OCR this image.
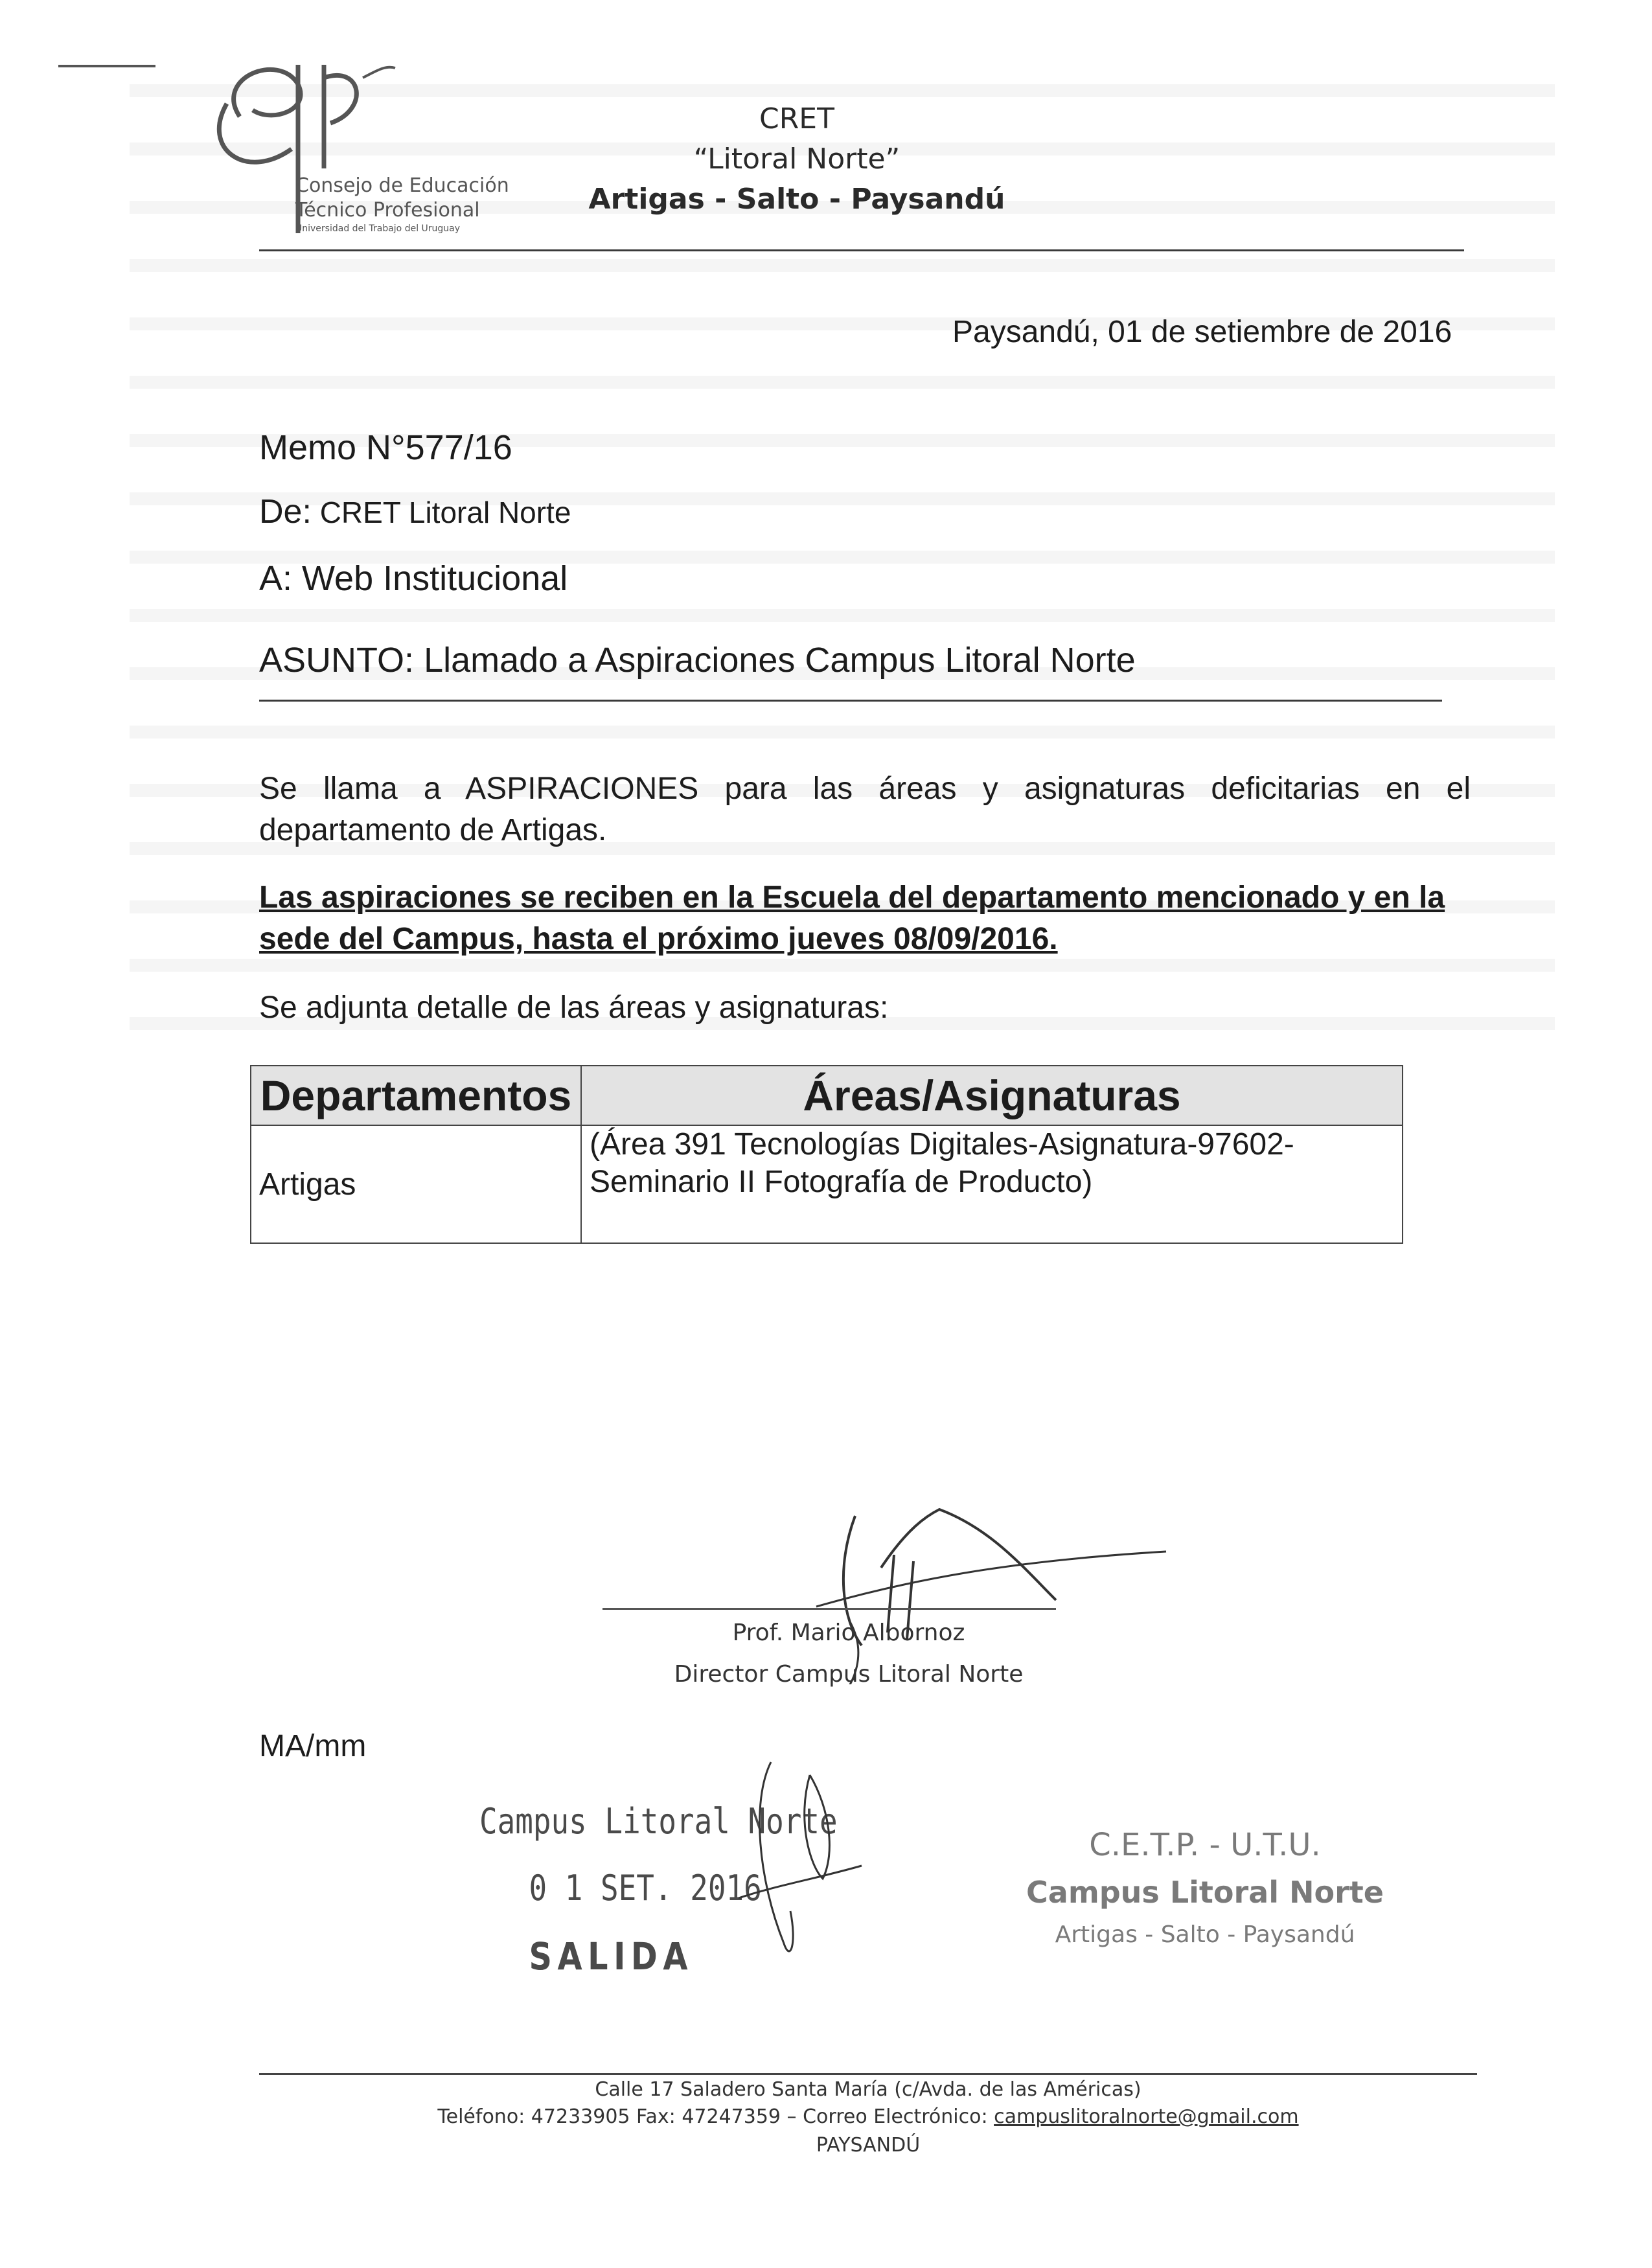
Consejo de Educación
Técnico Profesional
Universidad del Trabajo del Uruguay
CRET
“Litoral Norte”
Artigas - Salto - Paysandú
Paysandú, 01 de setiembre de 2016
Memo N°577/16
De: CRET Litoral Norte
A: Web Institucional
ASUNTO: Llamado a Aspiraciones Campus Litoral Norte
Se llama a ASPIRACIONES para las áreas y asignaturas deficitarias en el departamento de Artigas.
Las aspiraciones se reciben en la Escuela del departamento mencionado y en la sede del Campus, hasta el próximo jueves 08/09/2016.
Se adjunta detalle de las áreas y asignaturas:
Departamentos	Áreas/Asignaturas
Artigas	(Área 391 Tecnologías Digitales-Asignatura-97602- Seminario II Fotografía de Producto)
Prof. Mario Albornoz
Director Campus Litoral Norte
MA/mm
Campus Litoral Norte
0 1 SET. 2016
SALIDA
C.E.T.P. - U.T.U.
Campus Litoral Norte
Artigas - Salto - Paysandú
Calle 17 Saladero Santa María (c/Avda. de las Américas)
Teléfono: 47233905 Fax: 47247359 – Correo Electrónico: campuslitoralnorte@gmail.com
PAYSANDÚ
